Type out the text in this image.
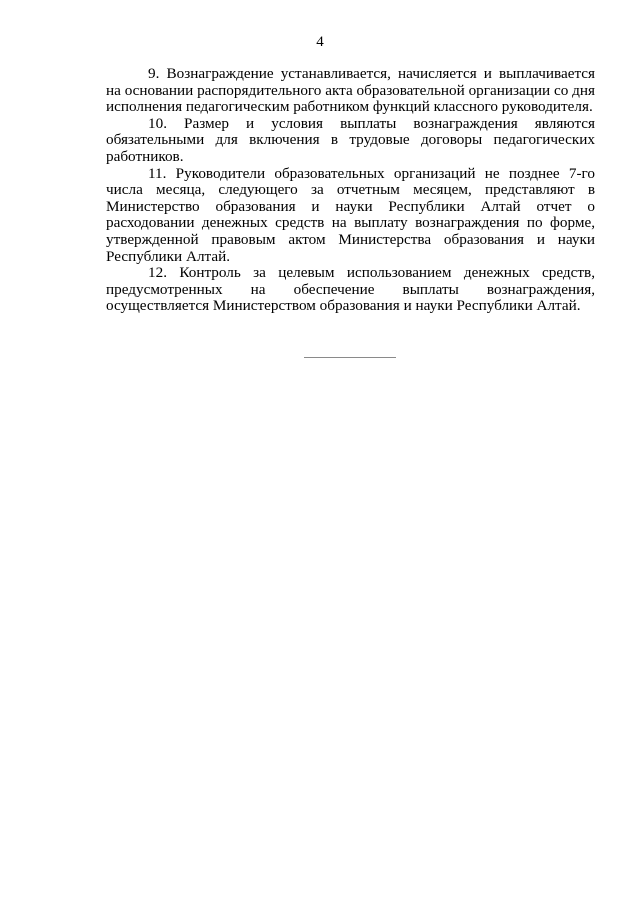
4

9. Вознаграждение устанавливается, начисляется и выплачивается на основании распорядительного акта образовательной организации со дня исполнения педагогическим работником функций классного руководителя.

10. Размер и условия выплаты вознаграждения являются обязательными для включения в трудовые договоры педагогических работников.

11. Руководители образовательных организаций не позднее 7-го числа месяца, следующего за отчетным месяцем, представляют в Министерство образования и науки Республики Алтай отчет о расходовании денежных средств на выплату вознаграждения по форме, утвержденной правовым актом Министерства образования и науки Республики Алтай.

12. Контроль за целевым использованием денежных средств, предусмотренных на обеспечение выплаты вознаграждения, осуществляется Министерством образования и науки Республики Алтай.
